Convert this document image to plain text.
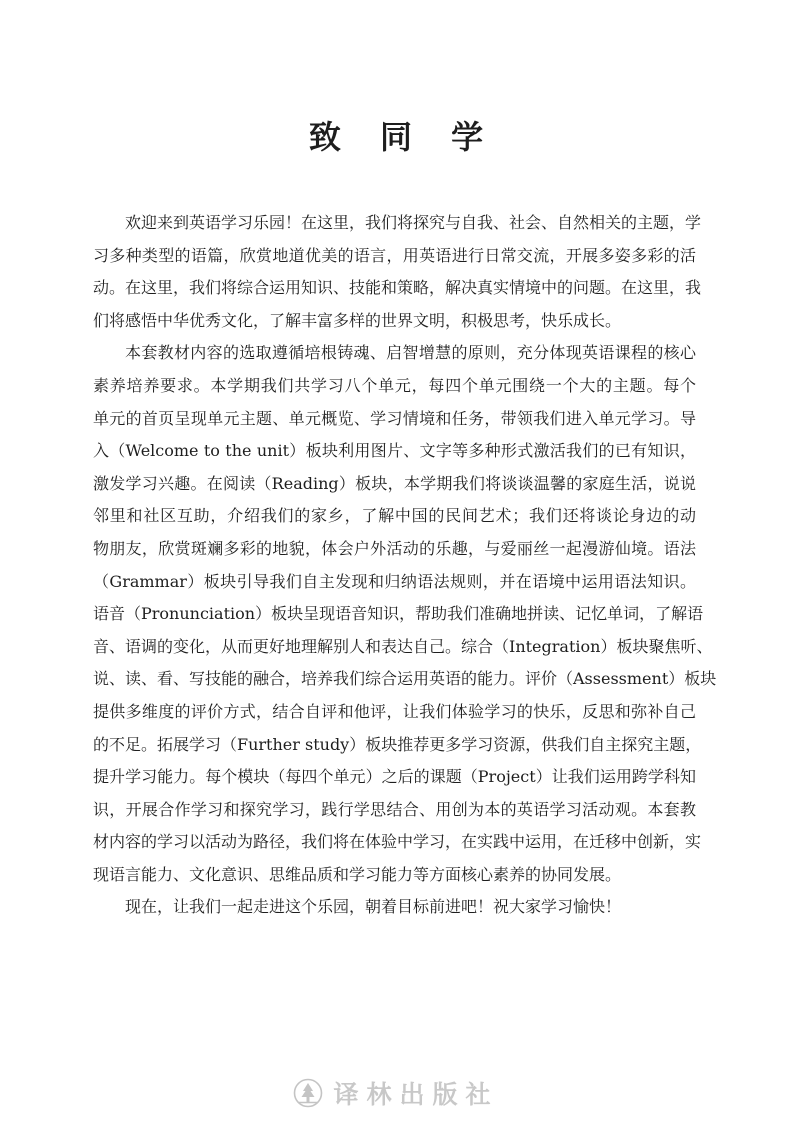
致 同 学
欢迎来到英语学习乐园！在这里，我们将探究与自我、社会、自然相关的主题，学
习多种类型的语篇，欣赏地道优美的语言，用英语进行日常交流，开展多姿多彩的活
动。在这里，我们将综合运用知识、技能和策略，解决真实情境中的问题。在这里，我
们将感悟中华优秀文化，了解丰富多样的世界文明，积极思考，快乐成长。
本套教材内容的选取遵循培根铸魂、启智增慧的原则，充分体现英语课程的核心
素养培养要求。本学期我们共学习八个单元，每四个单元围绕一个大的主题。每个
单元的首页呈现单元主题、单元概览、学习情境和任务，带领我们进入单元学习。导
入（Welcome to the unit）板块利用图片、文字等多种形式激活我们的已有知识，
激发学习兴趣。在阅读（Reading）板块，本学期我们将谈谈温馨的家庭生活，说说
邻里和社区互助，介绍我们的家乡，了解中国的民间艺术；我们还将谈论身边的动
物朋友，欣赏斑斓多彩的地貌，体会户外活动的乐趣，与爱丽丝一起漫游仙境。语法
（Grammar）板块引导我们自主发现和归纳语法规则，并在语境中运用语法知识。
语音（Pronunciation）板块呈现语音知识，帮助我们准确地拼读、记忆单词，了解语
音、语调的变化，从而更好地理解别人和表达自己。综合（Integration）板块聚焦听、
说、读、看、写技能的融合，培养我们综合运用英语的能力。评价（Assessment）板块
提供多维度的评价方式，结合自评和他评，让我们体验学习的快乐，反思和弥补自己
的不足。拓展学习（Further study）板块推荐更多学习资源，供我们自主探究主题，
提升学习能力。每个模块（每四个单元）之后的课题（Project）让我们运用跨学科知
识，开展合作学习和探究学习，践行学思结合、用创为本的英语学习活动观。本套教
材内容的学习以活动为路径，我们将在体验中学习，在实践中运用，在迁移中创新，实
现语言能力、文化意识、思维品质和学习能力等方面核心素养的协同发展。
现在，让我们一起走进这个乐园，朝着目标前进吧！祝大家学习愉快！
译林出版社
